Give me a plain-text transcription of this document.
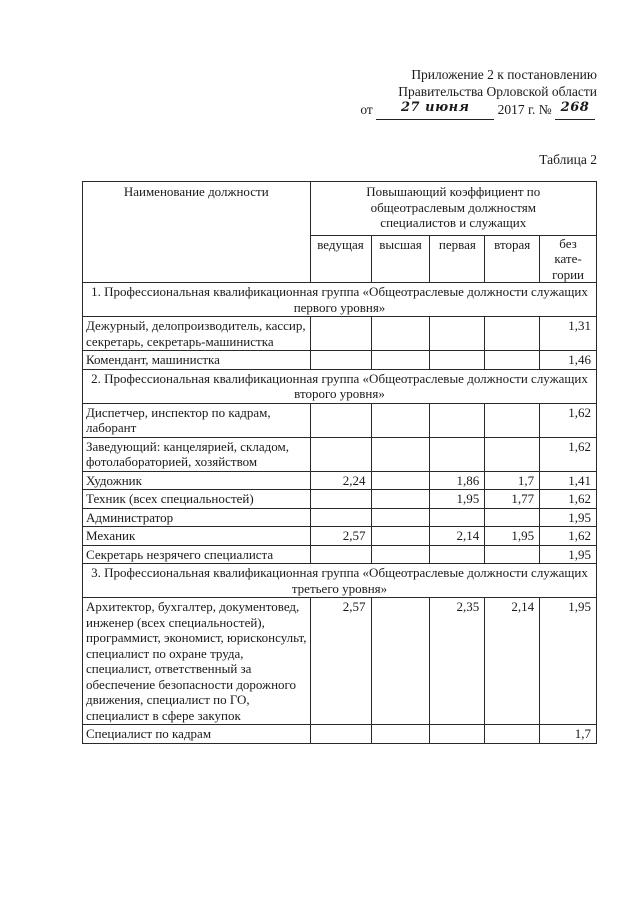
Приложение 2 к постановлению
Правительства Орловской области
от 27 июня 2017 г. № 268
Таблица 2
Наименование должности	Повышающий коэффициент по общеотраслевым должностям специалистов и служащих				
	ведущая	высшая	первая	вторая	без кате-гории
1. Профессиональная квалификационная группа «Общеотраслевые должности служащих первого уровня»					
Дежурный, делопроизводитель, кассир, секретарь, секретарь-машинистка					1,31
Комендант, машинистка					1,46
2. Профессиональная квалификационная группа «Общеотраслевые должности служащих второго уровня»					
Диспетчер, инспектор по кадрам, лаборант					1,62
Заведующий: канцелярией, складом, фотолабораторией, хозяйством					1,62
Художник	2,24		1,86	1,7	1,41
Техник (всех специальностей)			1,95	1,77	1,62
Администратор					1,95
Механик	2,57		2,14	1,95	1,62
Секретарь незрячего специалиста					1,95
3. Профессиональная квалификационная группа «Общеотраслевые должности служащих третьего уровня»					
Архитектор, бухгалтер, документовед, инженер (всех специальностей), программист, экономист, юрисконсульт, специалист по охране труда, специалист, ответственный за обеспечение безопасности дорожного движения, специалист по ГО, специалист в сфере закупок	2,57		2,35	2,14	1,95
Специалист по кадрам					1,7
